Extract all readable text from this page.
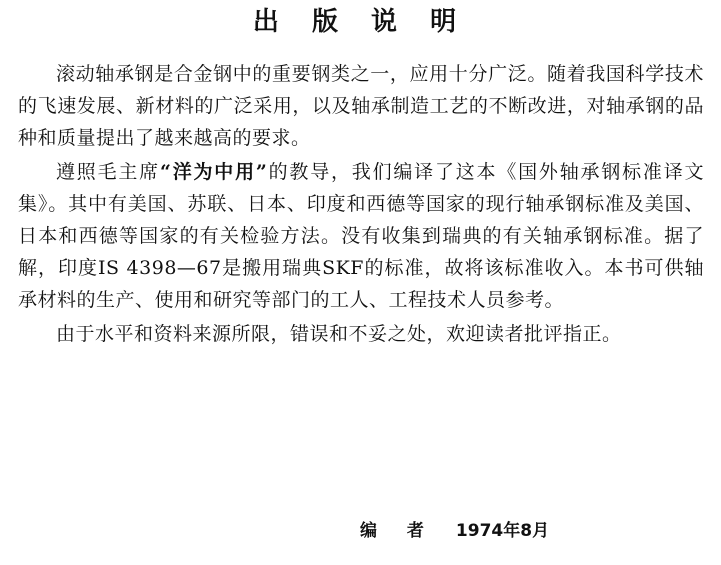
出 版 说 明

滚动轴承钢是合金钢中的重要钢类之一，应用十分广泛。随着我国科学技术的飞速发展、新材料的广泛采用，以及轴承制造工艺的不断改进，对轴承钢的品种和质量提出了越来越高的要求。

遵照毛主席“洋为中用”的教导，我们编译了这本《国外轴承钢标准译文集》。其中有美国、苏联、日本、印度和西德等国家的现行轴承钢标准及美国、日本和西德等国家的有关检验方法。没有收集到瑞典的有关轴承钢标准。据了解，印度IS 4398—67是搬用瑞典SKF的标准，故将该标准收入。本书可供轴承材料的生产、使用和研究等部门的工人、工程技术人员参考。

由于水平和资料来源所限，错误和不妥之处，欢迎读者批评指正。

编 者 1974年8月
